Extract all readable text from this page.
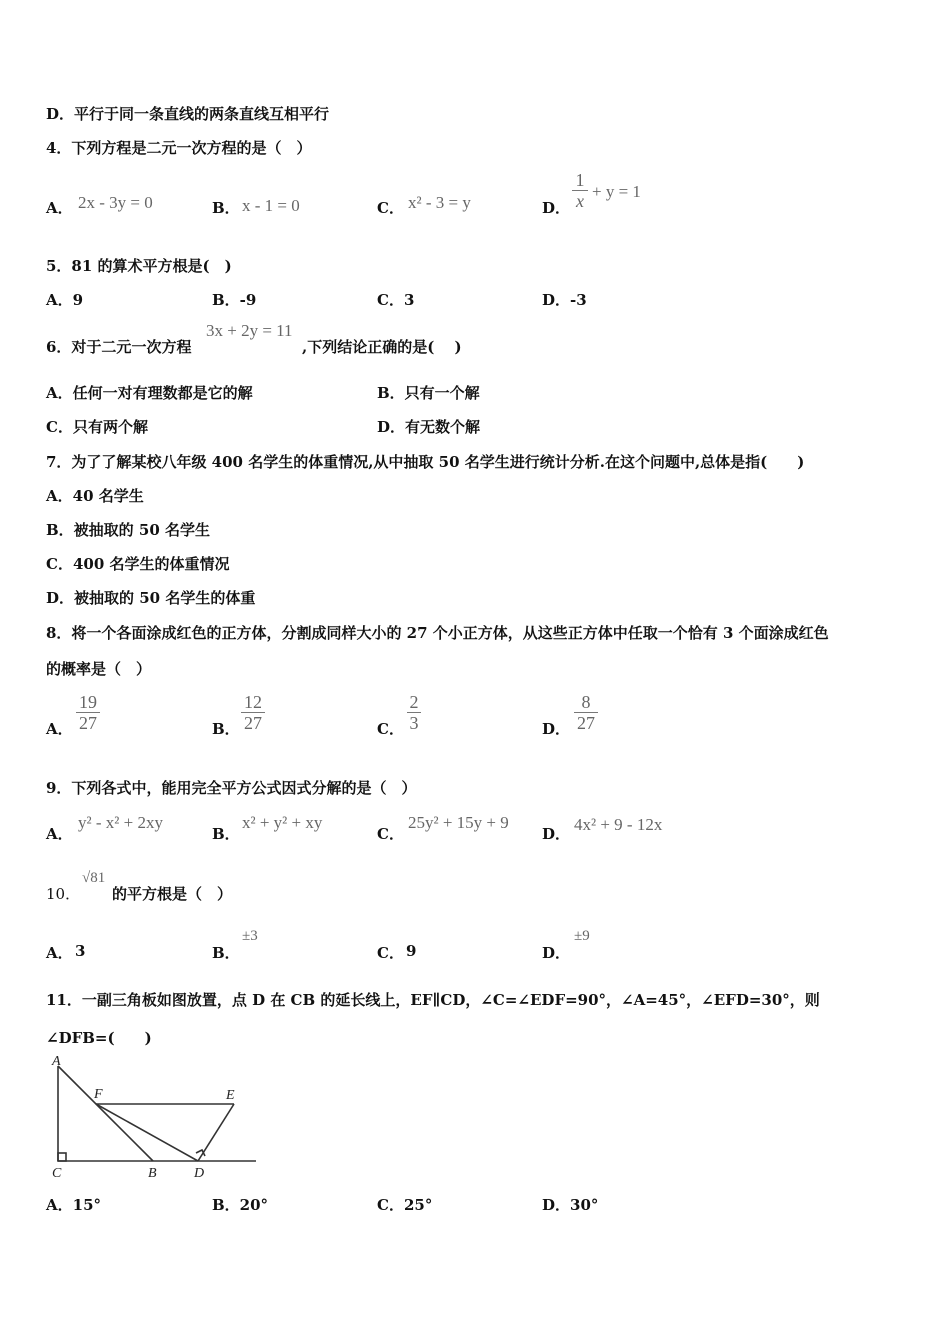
D．平行于同一条直线的两条直线互相平行
4．下列方程是二元一次方程的是（　）
A． 2x - 3y = 0	B． x - 1 = 0	C． x² - 3 = y	D．
1
x + y = 1
5．81 的算术平方根是(　)
A．9	B．-9	C．3	D．-3
6．对于二元一次方程
3x + 2y = 11
,下列结论正确的是(　 )
A．任何一对有理数都是它的解	B．只有一个解
C．只有两个解	D．有无数个解
7．为了了解某校八年级 400 名学生的体重情况,从中抽取 50 名学生进行统计分析.在这个问题中,总体是指(　　)
A．40 名学生
B．被抽取的 50 名学生
C．400 名学生的体重情况
D．被抽取的 50 名学生的体重
8．将一个各面涂成红色的正方体，分割成同样大小的 27 个小正方体，从这些正方体中任取一个恰有 3 个面涂成红色
的概率是（　）
A．
19
27	B．
12
27	C．
2
3	D．
8
27
9．下列各式中，能用完全平方公式因式分解的是（　）
A．
y² - x² + 2xy
B．
x² + y² + xy
C．
25y² + 15y + 9
D． 4x² + 9 - 12x
10．
√81
的平方根是（　）
A． 3	B．
±3
C． 9	D．
±9
11．一副三角板如图放置，点 D 在 CB 的延长线上，EF∥CD，∠C=∠EDF=90°，∠A=45°，∠EFD=30°，则
∠DFB=(　　)
A
F	E
C	B	D
A．15°	B．20°	C．25°	D．30°
